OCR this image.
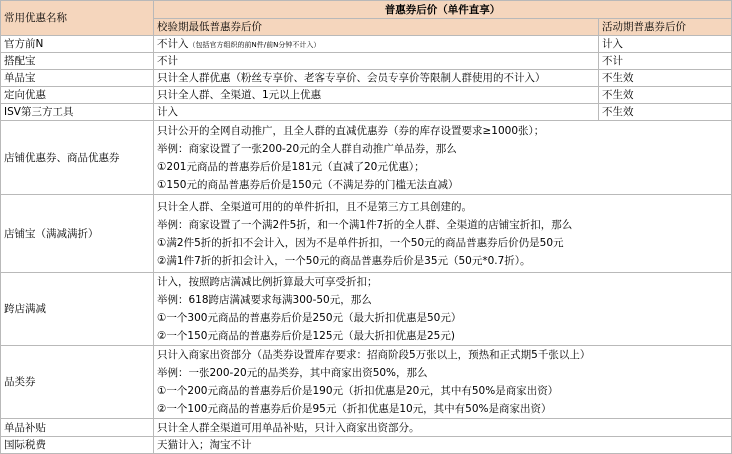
常用优惠名称	普惠券后价（单件直享）	
	校验期最低普惠券后价	活动期普惠券后价
官方前N	不计入（包括官方组织的前N件/前N分钟不计入）	计入
搭配宝	不计	不计
单品宝	只计全人群优惠（粉丝专享价、老客专享价、会员专享价等限制人群使用的不计入）	不生效
定向优惠	只计全人群、全渠道、1元以上优惠	不生效
ISV第三方工具	计入	不生效
店铺优惠券、商品优惠券	只计公开的全网自动推广，且全人群的直减优惠券（券的库存设置要求≥1000张）；
举例：商家设置了一张200-20元的全人群自动推广单品券，那么
①201元商品的普惠券后价是181元（直减了20元优惠）；
①150元的商品普惠券后价是150元（不满足券的门槛无法直减）	

店铺宝（满减满折）	只计全人群、全渠道可用的的单件折扣，且不是第三方工具创建的。
举例：商家设置了一个满2件5折，和一个满1件7折的全人群、全渠道的店铺宝折扣，那么
①满2件5折的折扣不会计入，因为不是单件折扣，一个50元的商品普惠券后价仍是50元
②满1件7折的折扣会计入，一个50元的商品普惠券后价是35元（50元*0.7折）。	

跨店满减	计入，按照跨店满减比例折算最大可享受折扣；
举例：618跨店满减要求每满300-50元，那么
①一个300元商品的普惠券后价是250元（最大折扣优惠是50元）
②一个150元商品的普惠券后价是125元（最大折扣优惠是25元)	

品类券	只计入商家出资部分（品类券设置库存要求：招商阶段5万张以上，预热和正式期5千张以上）
举例：一张200-20元的品类券，其中商家出资50%，那么
①一个200元商品的普惠券后价是190元（折扣优惠是20元，其中有50%是商家出资）
②一个100元商品的普惠券后价是95元（折扣优惠是10元，其中有50%是商家出资）	

单品补贴	只计全人群全渠道可用单品补贴，只计入商家出资部分。	
国际税费	天猫计入；淘宝不计	
